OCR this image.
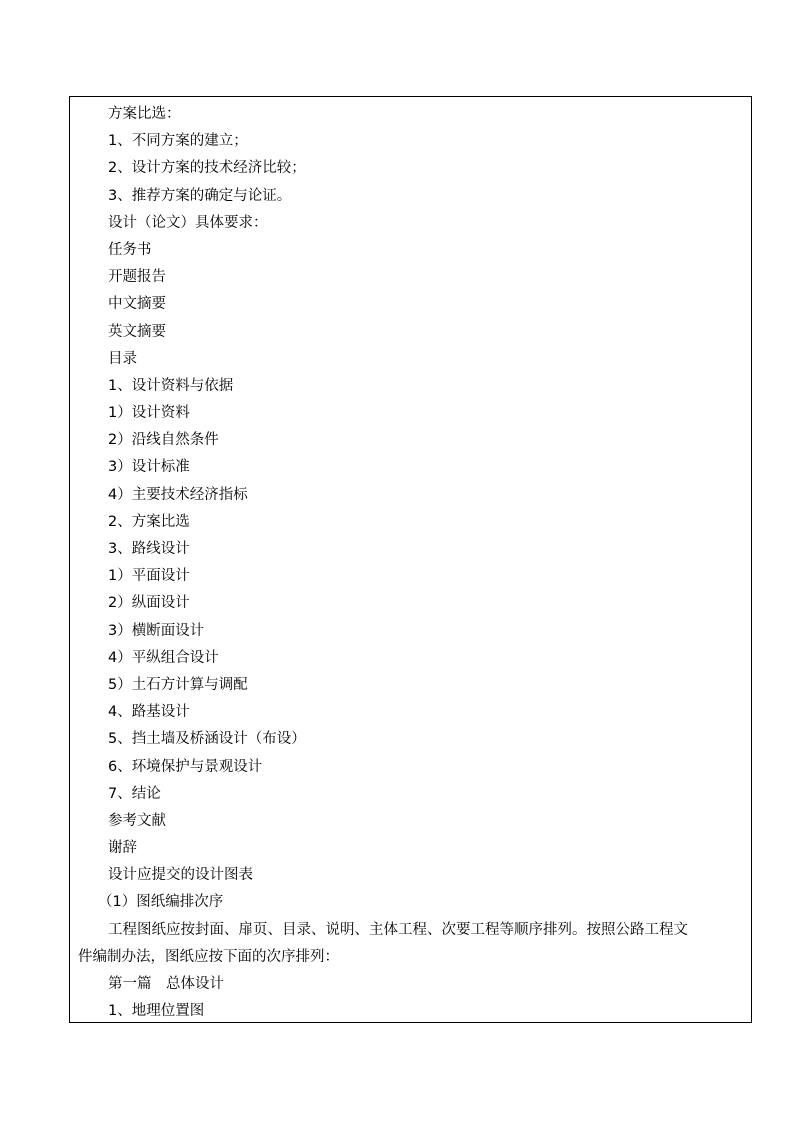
方案比选：
1、不同方案的建立；
2、设计方案的技术经济比较；
3、推荐方案的确定与论证。
设计（论文）具体要求：
任务书
开题报告
中文摘要
英文摘要
目录
1、设计资料与依据
1）设计资料
2）沿线自然条件
3）设计标准
4）主要技术经济指标
2、方案比选
3、路线设计
1）平面设计
2）纵面设计
3）横断面设计
4）平纵组合设计
5）土石方计算与调配
4、路基设计
5、挡土墙及桥涵设计（布设）
6、环境保护与景观设计
7、结论
参考文献
谢辞
设计应提交的设计图表
（1）图纸编排次序
工程图纸应按封面、扉页、目录、说明、主体工程、次要工程等顺序排列。按照公路工程文
件编制办法，图纸应按下面的次序排列：
第一篇　总体设计
1、地理位置图
